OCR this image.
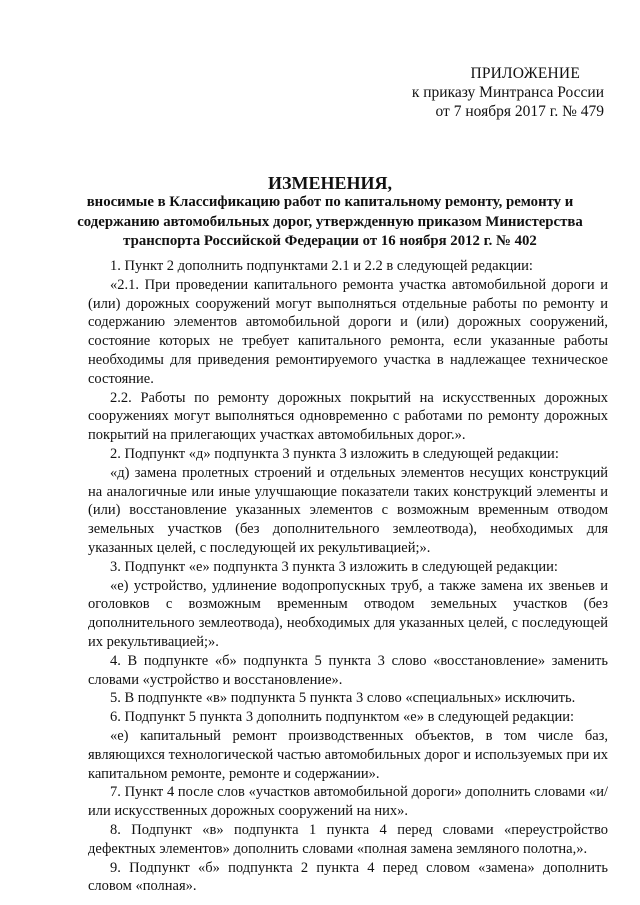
ПРИЛОЖЕНИЕ
к приказу Минтранса России
от 7 ноября 2017 г. № 479
ИЗМЕНЕНИЯ,
вносимые в Классификацию работ по капитальному ремонту, ремонту и содержанию автомобильных дорог, утвержденную приказом Министерства транспорта Российской Федерации от 16 ноября 2012 г. № 402

1. Пункт 2 дополнить подпунктами 2.1 и 2.2 в следующей редакции:

«2.1. При проведении капитального ремонта участка автомобильной дороги и (или) дорожных сооружений могут выполняться отдельные работы по ремонту и содержанию элементов автомобильной дороги и (или) дорожных сооружений, состояние которых не требует капитального ремонта, если указанные работы необходимы для приведения ремонтируемого участка в надлежащее техническое состояние.

2.2. Работы по ремонту дорожных покрытий на искусственных дорожных сооружениях могут выполняться одновременно с работами по ремонту дорожных покрытий на прилегающих участках автомобильных дорог.».

2. Подпункт «д» подпункта 3 пункта 3 изложить в следующей редакции:

«д) замена пролетных строений и отдельных элементов несущих конструкций на аналогичные или иные улучшающие показатели таких конструкций элементы и (или) восстановление указанных элементов с возможным временным отводом земельных участков (без дополнительного землеотвода), необходимых для указанных целей, с последующей их рекультивацией;».

3. Подпункт «е» подпункта 3 пункта 3 изложить в следующей редакции:

«е) устройство, удлинение водопропускных труб, а также замена их звеньев и оголовков с возможным временным отводом земельных участков (без дополнительного землеотвода), необходимых для указанных целей, с последующей их рекультивацией;».

4. В подпункте «б» подпункта 5 пункта 3 слово «восстановление» заменить словами «устройство и восстановление».

5. В подпункте «в» подпункта 5 пункта 3 слово «специальных» исключить.

6. Подпункт 5 пункта 3 дополнить подпунктом «е» в следующей редакции:

«е) капитальный ремонт производственных объектов, в том числе баз, являющихся технологической частью автомобильных дорог и используемых при их капитальном ремонте, ремонте и содержании».

7. Пункт 4 после слов «участков автомобильной дороги» дополнить словами «и/или искусственных дорожных сооружений на них».

8. Подпункт «в» подпункта 1 пункта 4 перед словами «переустройство дефектных элементов» дополнить словами «полная замена земляного полотна,».

9. Подпункт «б» подпункта 2 пункта 4 перед словом «замена» дополнить словом «полная».
